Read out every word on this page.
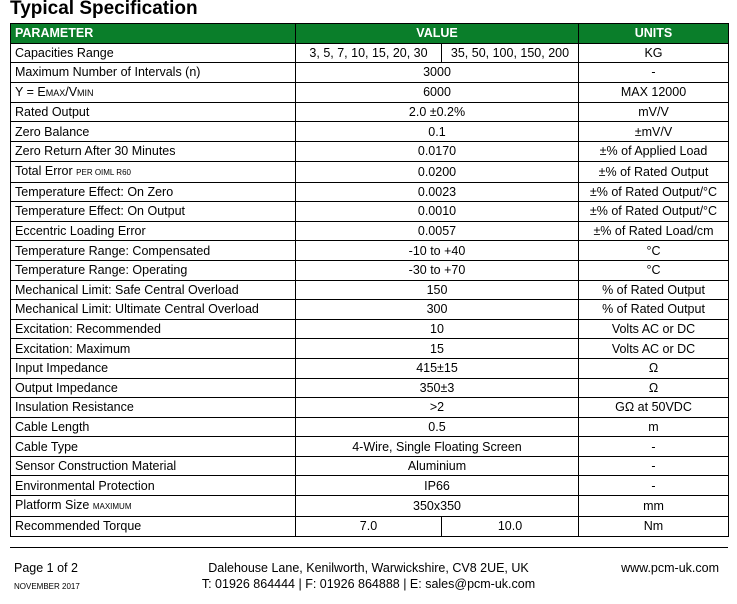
Typical Specification
PARAMETER	VALUE		UNITS
Capacities Range	3, 5, 7, 10, 15, 20, 30	35, 50, 100, 150, 200	KG
Maximum Number of Intervals (n)	3000		-
Y = EMAX/VMIN	6000		MAX 12000
Rated Output	2.0 ±0.2%		mV/V
Zero Balance	0.1		±mV/V
Zero Return After 30 Minutes	0.0170		±% of Applied Load
Total Error PER OIML R60	0.0200		±% of Rated Output
Temperature Effect: On Zero	0.0023		±% of Rated Output/°C
Temperature Effect: On Output	0.0010		±% of Rated Output/°C
Eccentric Loading Error	0.0057		±% of Rated Load/cm
Temperature Range: Compensated	-10 to +40		°C
Temperature Range: Operating	-30 to +70		°C
Mechanical Limit: Safe Central Overload	150		% of Rated Output
Mechanical Limit: Ultimate Central Overload	300		% of Rated Output
Excitation: Recommended	10		Volts AC or DC
Excitation: Maximum	15		Volts AC or DC
Input Impedance	415±15		Ω
Output Impedance	350±3		Ω
Insulation Resistance	>2		GΩ at 50VDC
Cable Length	0.5		m
Cable Type	4-Wire, Single Floating Screen		-
Sensor Construction Material	Aluminium		-
Environmental Protection	IP66		-
Platform Size MAXIMUM	350x350		mm
Recommended Torque	7.0	10.0	Nm
Page 1 of 2
NOVEMBER 2017
Dalehouse Lane, Kenilworth, Warwickshire, CV8 2UE, UK
T: 01926 864444 | F: 01926 864888 | E: sales@pcm-uk.com
www.pcm-uk.com
